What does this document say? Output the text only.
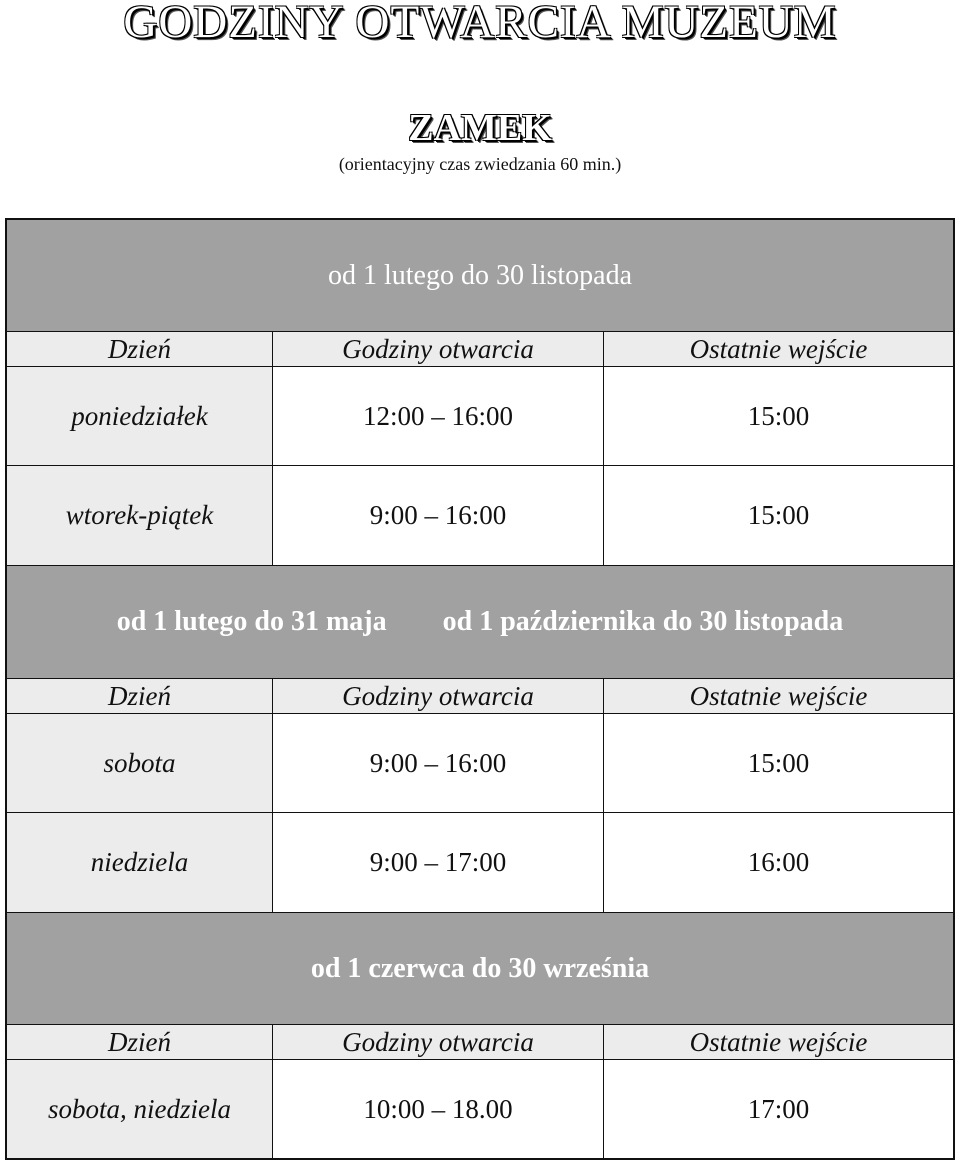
GODZINY OTWARCIA MUZEUM
ZAMEK
(orientacyjny czas zwiedzania 60 min.)
od 1 lutego do 30 listopada
Dzień	Godziny otwarcia	Ostatnie wejście
poniedziałek	12:00 – 16:00	15:00
wtorek-piątek	9:00 – 16:00	15:00
od 1 lutego do 31 maja	od 1 października do 30 listopada
Dzień	Godziny otwarcia	Ostatnie wejście
sobota	9:00 – 16:00	15:00
niedziela	9:00 – 17:00	16:00
od 1 czerwca do 30 września
Dzień	Godziny otwarcia	Ostatnie wejście
sobota, niedziela	10:00 – 18.00	17:00
